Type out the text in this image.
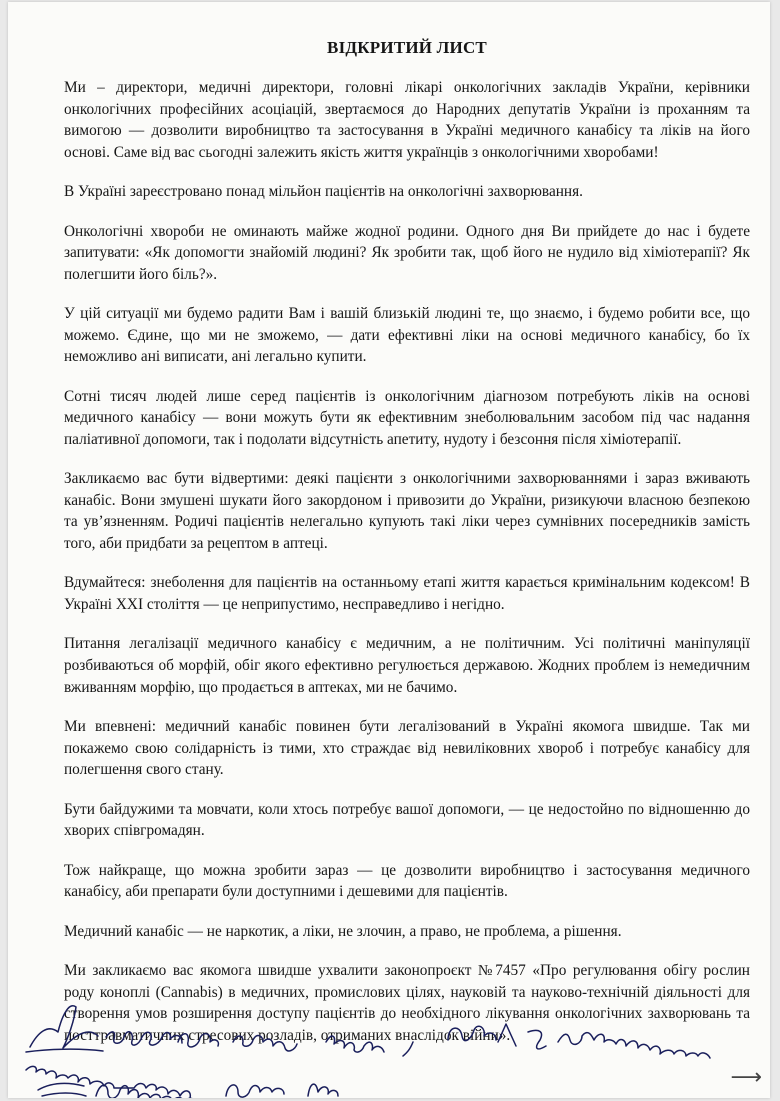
ВІДКРИТИЙ ЛИСТ

Ми – директори, медичні директори, головні лікарі онкологічних закладів України, керівники онкологічних професійних асоціацій, звертаємося до Народних депутатів України із проханням та вимогою — дозволити виробництво та застосування в Україні медичного канабісу та ліків на його основі. Саме від вас сьогодні залежить якість життя українців з онкологічними хворобами!

В Україні зареєстровано понад мільйон пацієнтів на онкологічні захворювання.

Онкологічні хвороби не оминають майже жодної родини. Одного дня Ви прийдете до нас і будете запитувати: «Як допомогти знайомій людині? Як зробити так, щоб його не нудило від хіміотерапії? Як полегшити його біль?».

У цій ситуації ми будемо радити Вам і вашій близькій людині те, що знаємо, і будемо робити все, що можемо. Єдине, що ми не зможемо, — дати ефективні ліки на основі медичного канабісу, бо їх неможливо ані виписати, ані легально купити.

Сотні тисяч людей лише серед пацієнтів із онкологічним діагнозом потребують ліків на основі медичного канабісу — вони можуть бути як ефективним знеболювальним засобом під час надання паліативної допомоги, так і подолати відсутність апетиту, нудоту і безсоння після хіміотерапії.

Закликаємо вас бути відвертими: деякі пацієнти з онкологічними захворюваннями і зараз вживають канабіс. Вони змушені шукати його закордоном і привозити до України, ризикуючи власною безпекою та ув’язненням. Родичі пацієнтів нелегально купують такі ліки через сумнівних посередників замість того, аби придбати за рецептом в аптеці.

Вдумайтеся: знеболення для пацієнтів на останньому етапі життя карається кримінальним кодексом! В Україні XXI століття — це неприпустимо, несправедливо і негідно.

Питання легалізації медичного канабісу є медичним, а не політичним. Усі політичні маніпуляції розбиваються об морфій, обіг якого ефективно регулюється державою. Жодних проблем із немедичним вживанням морфію, що продається в аптеках, ми не бачимо.

Ми впевнені: медичний канабіс повинен бути легалізований в Україні якомога швидше. Так ми покажемо свою солідарність із тими, хто страждає від невиліковних хвороб і потребує канабісу для полегшення свого стану.

Бути байдужими та мовчати, коли хтось потребує вашої допомоги, — це недостойно по відношенню до хворих співгромадян.

Тож найкраще, що можна зробити зараз — це дозволити виробництво і застосування медичного канабісу, аби препарати були доступними і дешевими для пацієнтів.

Медичний канабіс — не наркотик, а ліки, не злочин, а право, не проблема, а рішення.

Ми закликаємо вас якомога швидше ухвалити законопроєкт №7457 «Про регулювання обігу рослин роду коноплі (Cannabis) в медичних, промислових цілях, науковій та науково-технічній діяльності для створення умов розширення доступу пацієнтів до необхідного лікування онкологічних захворювань та посттравматичних стресових розладів, отриманих внаслідок війни».

⟶
